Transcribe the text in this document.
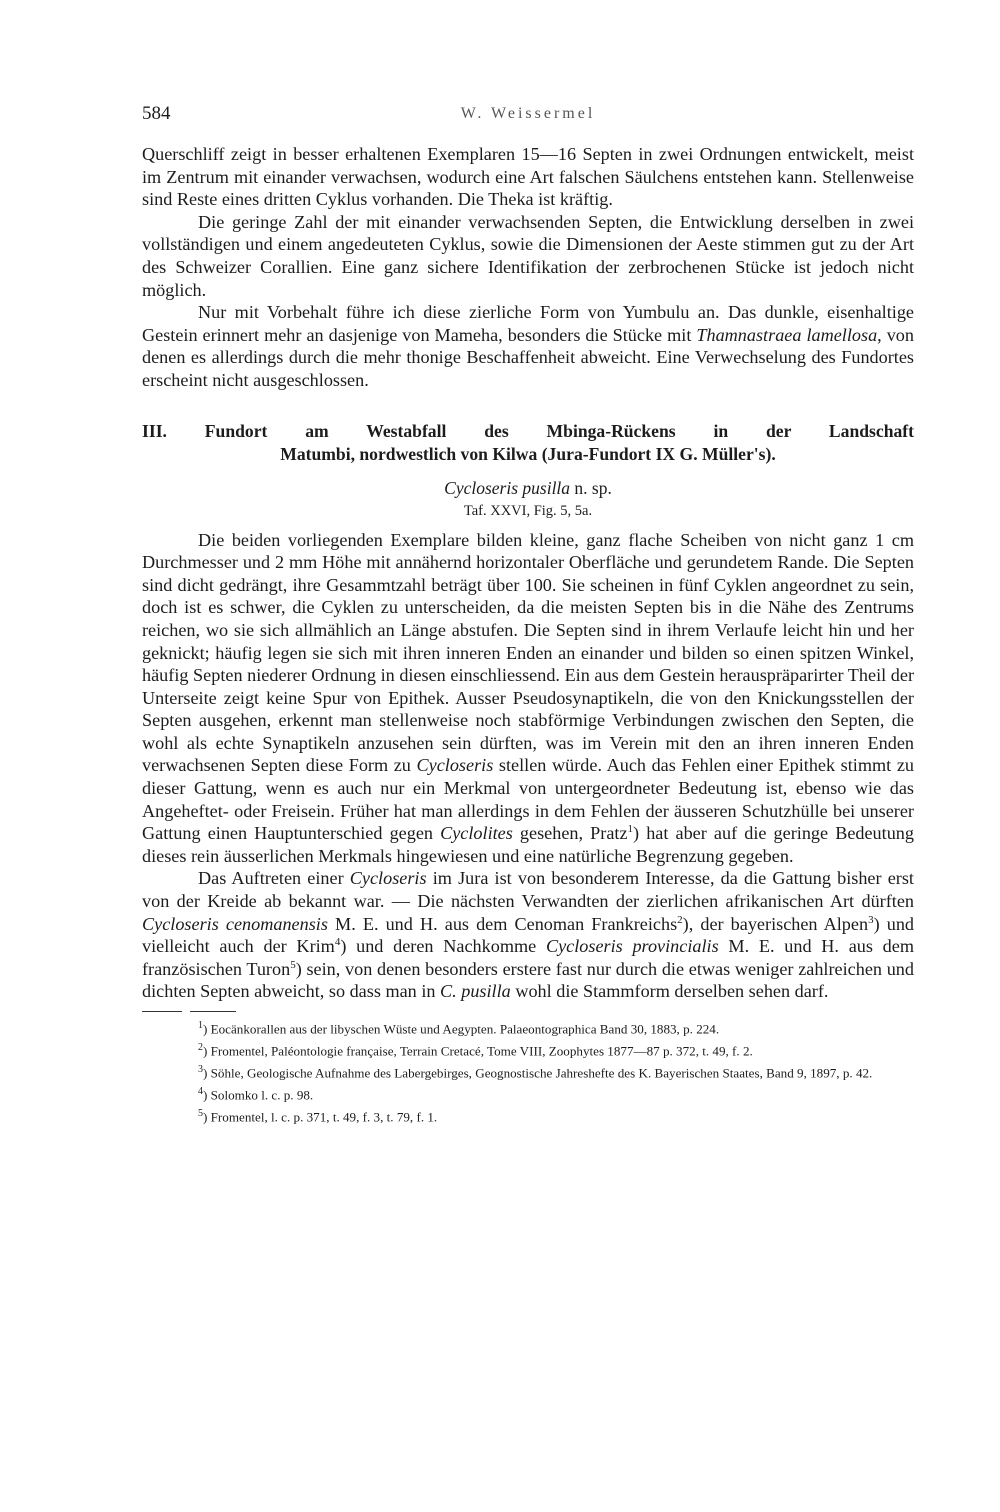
584	W. Weissermel

Querschliff zeigt in besser erhaltenen Exemplaren 15—16 Septen in zwei Ordnungen entwickelt, meist im Zentrum mit einander verwachsen, wodurch eine Art falschen Säulchens entstehen kann. Stellenweise sind Reste eines dritten Cyklus vorhanden. Die Theka ist kräftig.

Die geringe Zahl der mit einander verwachsenden Septen, die Entwicklung derselben in zwei vollständigen und einem angedeuteten Cyklus, sowie die Dimensionen der Aeste stimmen gut zu der Art des Schweizer Corallien. Eine ganz sichere Identifikation der zerbrochenen Stücke ist jedoch nicht möglich.

Nur mit Vorbehalt führe ich diese zierliche Form von Yumbulu an. Das dunkle, eisenhaltige Gestein erinnert mehr an dasjenige von Mameha, besonders die Stücke mit Thamnastraea lamellosa, von denen es allerdings durch die mehr thonige Beschaffenheit abweicht. Eine Verwechselung des Fundortes erscheint nicht ausgeschlossen.

III. Fundort am Westabfall des Mbinga-Rückens in der Landschaft
Matumbi, nordwestlich von Kilwa (Jura-Fundort IX G. Müller's).
Cycloseris pusilla n. sp.
Taf. XXVI, Fig. 5, 5a.

Die beiden vorliegenden Exemplare bilden kleine, ganz flache Scheiben von nicht ganz 1 cm Durchmesser und 2 mm Höhe mit annähernd horizontaler Oberfläche und gerundetem Rande. Die Septen sind dicht gedrängt, ihre Gesammtzahl beträgt über 100. Sie scheinen in fünf Cyklen angeordnet zu sein, doch ist es schwer, die Cyklen zu unterscheiden, da die meisten Septen bis in die Nähe des Zentrums reichen, wo sie sich allmählich an Länge abstufen. Die Septen sind in ihrem Verlaufe leicht hin und her geknickt; häufig legen sie sich mit ihren inneren Enden an einander und bilden so einen spitzen Winkel, häufig Septen niederer Ordnung in diesen einschliessend. Ein aus dem Gestein herauspräparirter Theil der Unterseite zeigt keine Spur von Epithek. Ausser Pseudosynaptikeln, die von den Knickungsstellen der Septen ausgehen, erkennt man stellenweise noch stabförmige Verbindungen zwischen den Septen, die wohl als echte Synaptikeln anzusehen sein dürften, was im Verein mit den an ihren inneren Enden verwachsenen Septen diese Form zu Cycloseris stellen würde. Auch das Fehlen einer Epithek stimmt zu dieser Gattung, wenn es auch nur ein Merkmal von untergeordneter Bedeutung ist, ebenso wie das Angeheftet- oder Freisein. Früher hat man allerdings in dem Fehlen der äusseren Schutzhülle bei unserer Gattung einen Hauptunterschied gegen Cyclolites gesehen, Pratz$^1$) hat aber auf die geringe Bedeutung dieses rein äusserlichen Merkmals hingewiesen und eine natürliche Begrenzung gegeben.

Das Auftreten einer Cycloseris im Jura ist von besonderem Interesse, da die Gattung bisher erst von der Kreide ab bekannt war. — Die nächsten Verwandten der zierlichen afrikanischen Art dürften Cycloseris cenomanensis M. E. und H. aus dem Cenoman Frankreichs$^2$), der bayerischen Alpen$^3$) und vielleicht auch der Krim$^4$) und deren Nachkomme Cycloseris provincialis M. E. und H. aus dem französischen Turon$^5$) sein, von denen besonders erstere fast nur durch die etwas weniger zahlreichen und dichten Septen abweicht, so dass man in C. pusilla wohl die Stammform derselben sehen darf.

$^1$) Eocänkorallen aus der libyschen Wüste und Aegypten. Palaeontographica Band 30, 1883, p. 224.

$^2$) Fromentel, Paléontologie française, Terrain Cretacé, Tome VIII, Zoophytes 1877—87 p. 372, t. 49, f. 2.

$^3$) Söhle, Geologische Aufnahme des Labergebirges, Geognostische Jahreshefte des K. Bayerischen Staates, Band 9, 1897, p. 42.

$^4$) Solomko l. c. p. 98.

$^5$) Fromentel, l. c. p. 371, t. 49, f. 3, t. 79, f. 1.
